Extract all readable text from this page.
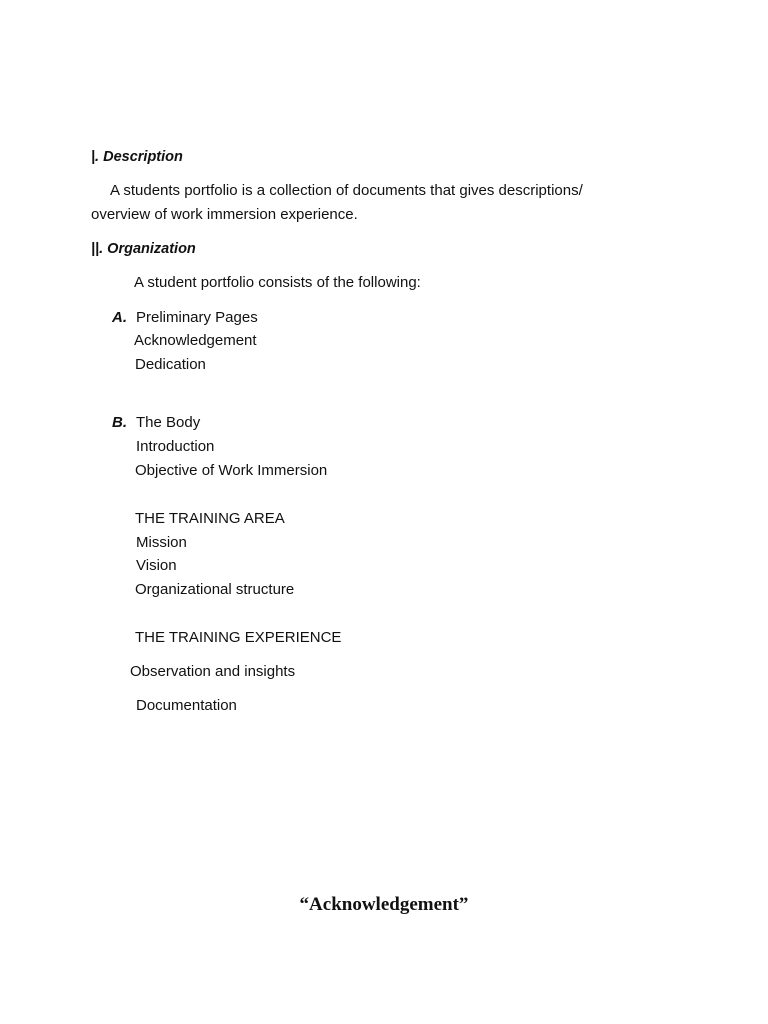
|. Description

A students portfolio is a collection of documents that gives descriptions/

overview of work immersion experience.

||. Organization

A student portfolio consists of the following:

A. Preliminary Pages

Acknowledgement

Dedication

B. The Body

Introduction

Objective of Work Immersion

THE TRAINING AREA

Mission

Vision

Organizational structure

THE TRAINING EXPERIENCE

Observation and insights

Documentation

“Acknowledgement”
